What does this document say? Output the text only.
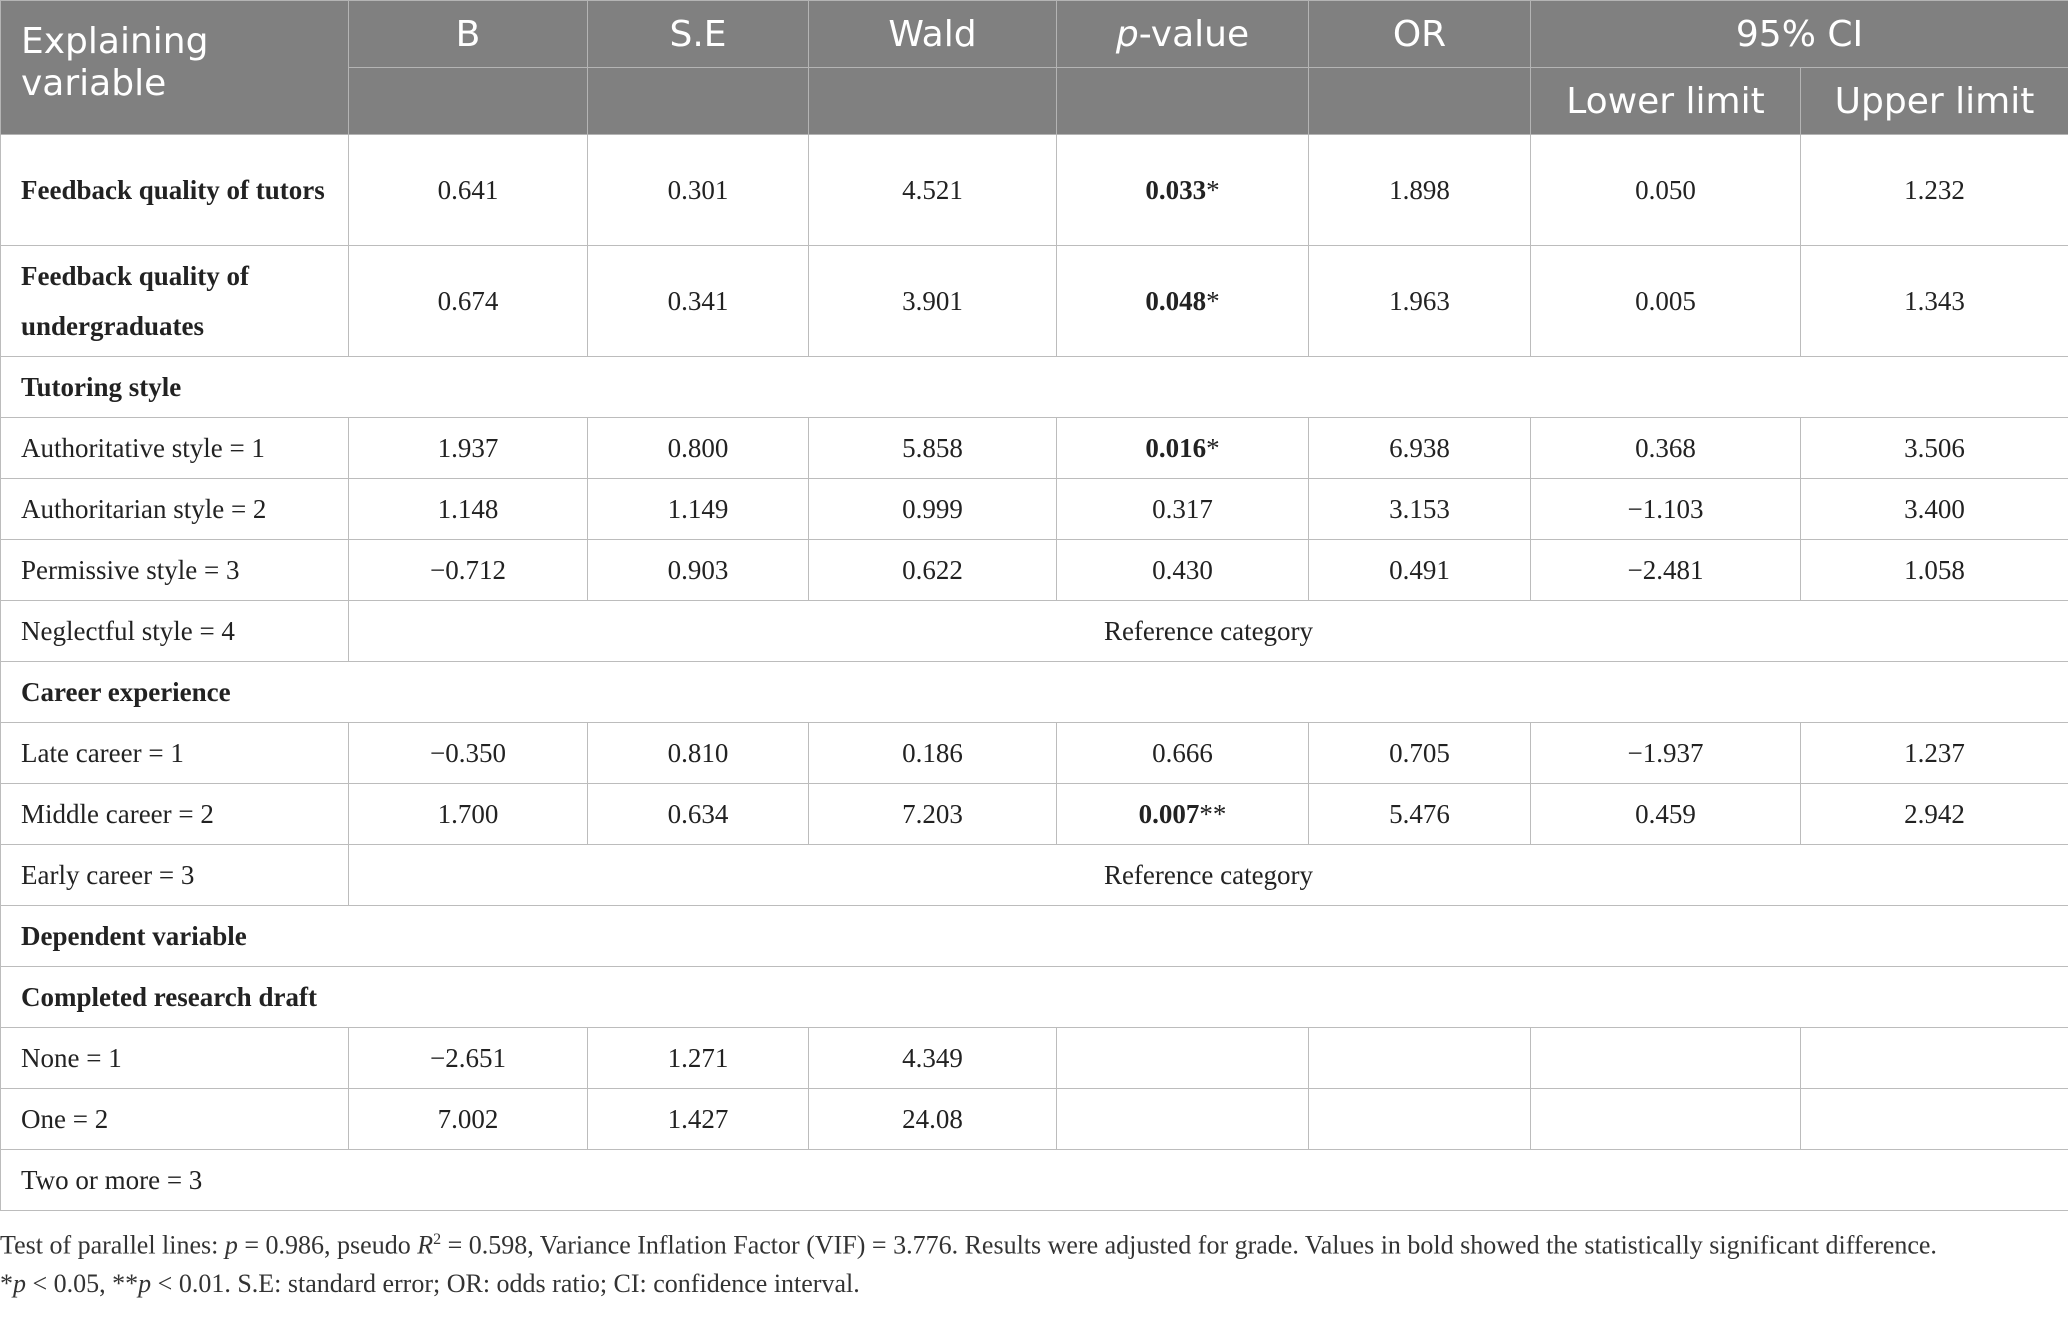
Explaining variable	B	S.E	Wald	p-value	OR	95% CI	
						Lower limit	Upper limit
Feedback quality of tutors	0.641	0.301	4.521	0.033*	1.898	0.050	1.232
Feedback quality of undergraduates	0.674	0.341	3.901	0.048*	1.963	0.005	1.343
Tutoring style							
Authoritative style = 1	1.937	0.800	5.858	0.016*	6.938	0.368	3.506
Authoritarian style = 2	1.148	1.149	0.999	0.317	3.153	−1.103	3.400
Permissive style = 3	−0.712	0.903	0.622	0.430	0.491	−2.481	1.058
Neglectful style = 4	Reference category						
Career experience							
Late career = 1	−0.350	0.810	0.186	0.666	0.705	−1.937	1.237
Middle career = 2	1.700	0.634	7.203	0.007**	5.476	0.459	2.942
Early career = 3	Reference category						
Dependent variable							
Completed research draft							
None = 1	−2.651	1.271	4.349				
One = 2	7.002	1.427	24.08				
Two or more = 3							
Test of parallel lines: p = 0.986, pseudo $R^2 = 0.598$, Variance Inflation Factor (VIF) = 3.776. Results were adjusted for grade. Values in bold showed the statistically significant difference.
*p < 0.05, **p < 0.01. S.E: standard error; OR: odds ratio; CI: confidence interval.
